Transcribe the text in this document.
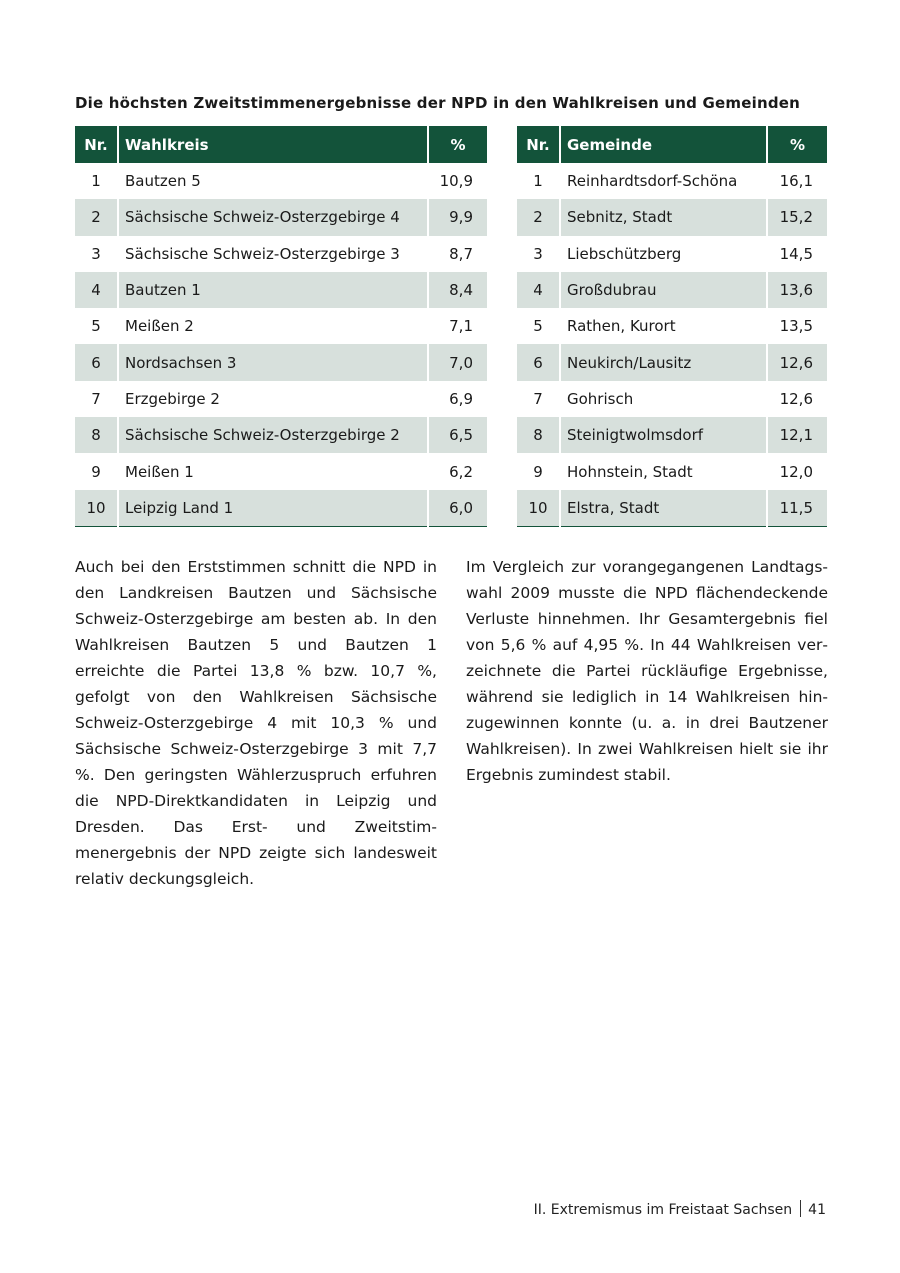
Die höchsten Zweitstimmenergebnisse der NPD in den Wahlkreisen und Gemeinden
Nr.	Wahlkreis	%
1	Bautzen 5	10,9
2	Sächsische Schweiz-Osterzgebirge 4	9,9
3	Sächsische Schweiz-Osterzgebirge 3	8,7
4	Bautzen 1	8,4
5	Meißen 2	7,1
6	Nordsachsen 3	7,0
7	Erzgebirge 2	6,9
8	Sächsische Schweiz-Osterzgebirge 2	6,5
9	Meißen 1	6,2
10	Leipzig Land 1	6,0
Nr.	Gemeinde	%
1	Reinhardtsdorf-Schöna	16,1
2	Sebnitz, Stadt	15,2
3	Liebschützberg	14,5
4	Großdubrau	13,6
5	Rathen, Kurort	13,5
6	Neukirch/Lausitz	12,6
7	Gohrisch	12,6
8	Steinigtwolmsdorf	12,1
9	Hohnstein, Stadt	12,0
10	Elstra, Stadt	11,5

Auch bei den Erststimmen schnitt die NPD in den Landkreisen Bautzen und Sächsische Schweiz-Osterzgebirge am besten ab. In den Wahlkreisen Bautzen 5 und Bautzen 1 erreichte die Partei 13,8 % bzw. 10,7 %, gefolgt von den Wahlkreisen Sächsische Schweiz-Osterzgebirge 4 mit 10,3 % und Sächsische Schweiz-Osterzgebirge 3 mit 7,7 %. Den geringsten Wählerzuspruch erfuhren die NPD-Direktkandidaten in Leipzig und Dresden. Das Erst- und Zweitstimmenergebnis der NPD zeigte sich landesweit relativ deckungsgleich.

Im Vergleich zur vorangegangenen Landtagswahl 2009 musste die NPD flächendeckende Verluste hinnehmen. Ihr Gesamtergebnis fiel von 5,6 % auf 4,95 %. In 44 Wahlkreisen verzeichnete die Partei rückläufige Ergebnisse, während sie lediglich in 14 Wahlkreisen hinzugewinnen konnte (u. a. in drei Bautzener Wahlkreisen). In zwei Wahlkreisen hielt sie ihr Ergebnis zumindest stabil.

II. Extremismus im Freistaat Sachsen 41
